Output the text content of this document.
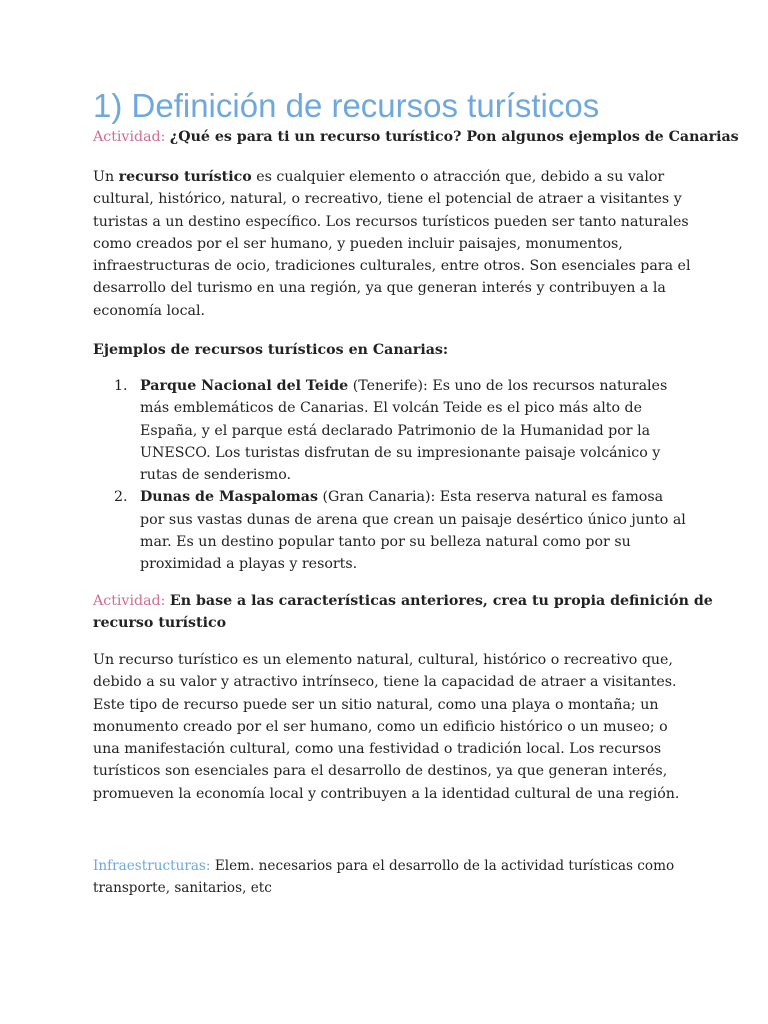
1) Definición de recursos turísticos

Actividad: ¿Qué es para ti un recurso turístico? Pon algunos ejemplos de Canarias

Un recurso turístico es cualquier elemento o atracción que, debido a su valor cultural, histórico, natural, o recreativo, tiene el potencial de atraer a visitantes y turistas a un destino específico. Los recursos turísticos pueden ser tanto naturales como creados por el ser humano, y pueden incluir paisajes, monumentos, infraestructuras de ocio, tradiciones culturales, entre otros. Son esenciales para el desarrollo del turismo en una región, ya que generan interés y contribuyen a la economía local.

Ejemplos de recursos turísticos en Canarias:

1. Parque Nacional del Teide (Tenerife): Es uno de los recursos naturales más emblemáticos de Canarias. El volcán Teide es el pico más alto de España, y el parque está declarado Patrimonio de la Humanidad por la UNESCO. Los turistas disfrutan de su impresionante paisaje volcánico y rutas de senderismo.
2. Dunas de Maspalomas (Gran Canaria): Esta reserva natural es famosa por sus vastas dunas de arena que crean un paisaje desértico único junto al mar. Es un destino popular tanto por su belleza natural como por su proximidad a playas y resorts.

Actividad: En base a las características anteriores, crea tu propia definición de
recurso turístico

Un recurso turístico es un elemento natural, cultural, histórico o recreativo que, debido a su valor y atractivo intrínseco, tiene la capacidad de atraer a visitantes. Este tipo de recurso puede ser un sitio natural, como una playa o montaña; un monumento creado por el ser humano, como un edificio histórico o un museo; o una manifestación cultural, como una festividad o tradición local. Los recursos turísticos son esenciales para el desarrollo de destinos, ya que generan interés, promueven la economía local y contribuyen a la identidad cultural de una región.

Infraestructuras: Elem. necesarios para el desarrollo de la actividad turísticas como transporte, sanitarios, etc
